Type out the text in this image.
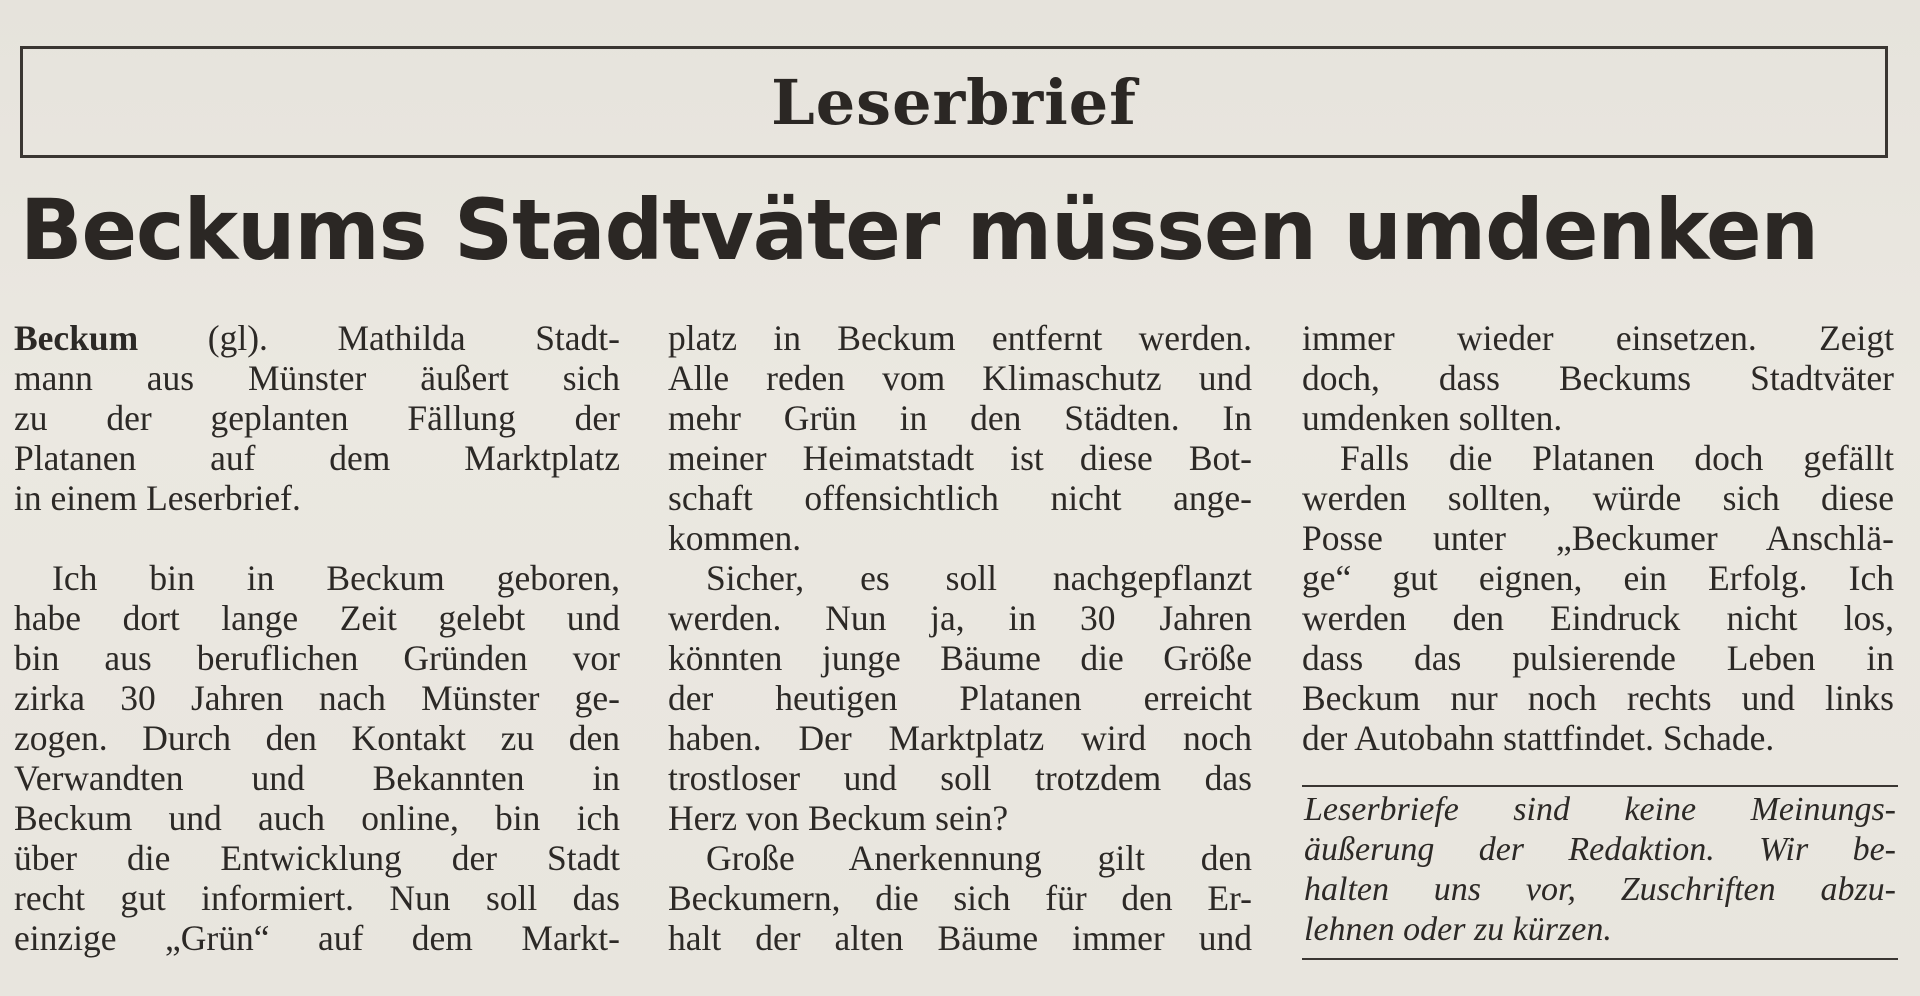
Leserbrief
Beckums Stadtväter müssen umdenken

Beckum (gl). Mathilda Stadt-

mann aus Münster äußert sich

zu der geplanten Fällung der

Platanen auf dem Marktplatz

in einem Leserbrief.

Ich bin in Beckum geboren,

habe dort lange Zeit gelebt und

bin aus beruflichen Gründen vor

zirka 30 Jahren nach Münster ge-

zogen. Durch den Kontakt zu den

Verwandten und Bekannten in

Beckum und auch online, bin ich

über die Entwicklung der Stadt

recht gut informiert. Nun soll das

einzige „Grün“ auf dem Markt-

platz in Beckum entfernt werden.

Alle reden vom Klimaschutz und

mehr Grün in den Städten. In

meiner Heimatstadt ist diese Bot-

schaft offensichtlich nicht ange-

kommen.

Sicher, es soll nachgepflanzt

werden. Nun ja, in 30 Jahren

könnten junge Bäume die Größe

der heutigen Platanen erreicht

haben. Der Marktplatz wird noch

trostloser und soll trotzdem das

Herz von Beckum sein?

Große Anerkennung gilt den

Beckumern, die sich für den Er-

halt der alten Bäume immer und

immer wieder einsetzen. Zeigt

doch, dass Beckums Stadtväter

umdenken sollten.

Falls die Platanen doch gefällt

werden sollten, würde sich diese

Posse unter „Beckumer Anschlä-

ge“ gut eignen, ein Erfolg. Ich

werden den Eindruck nicht los,

dass das pulsierende Leben in

Beckum nur noch rechts und links

der Autobahn stattfindet. Schade.

Leserbriefe sind keine Meinungs-

äußerung der Redaktion. Wir be-

halten uns vor, Zuschriften abzu-

lehnen oder zu kürzen.
